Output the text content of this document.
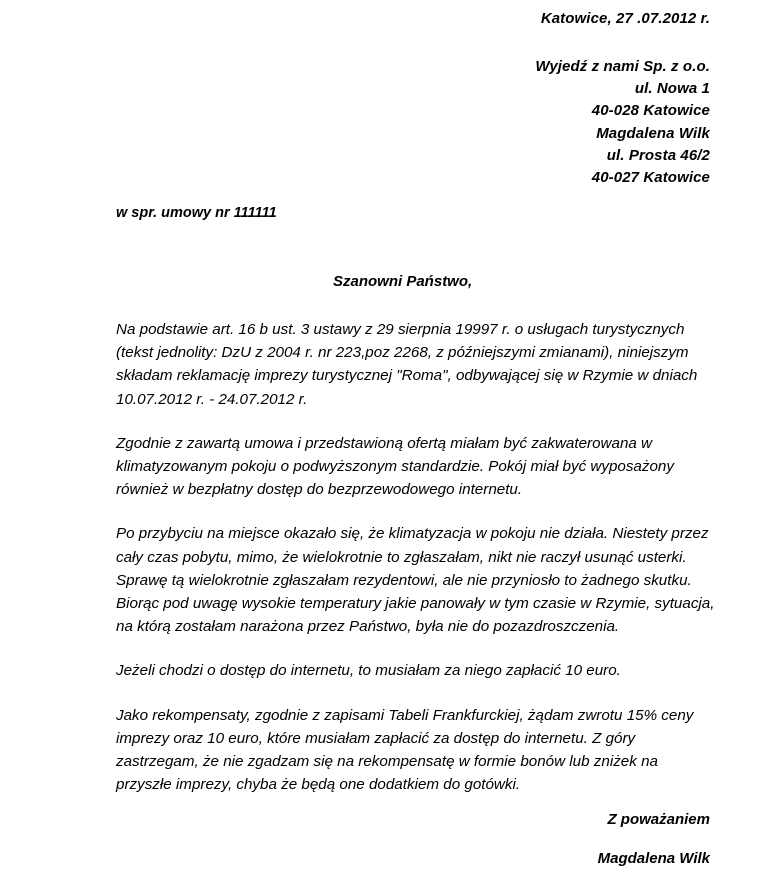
Katowice, 27 .07.2012 r.
Wyjedź z nami Sp. z o.o.
ul. Nowa 1
40-028 Katowice
Magdalena Wilk
ul. Prosta 46/2
40-027 Katowice
w spr. umowy nr 111111
Szanowni Państwo,

Na podstawie art. 16 b ust. 3 ustawy z 29 sierpnia 19997 r. o usługach turystycznych (tekst jednolity: DzU z 2004 r. nr 223,poz 2268, z późniejszymi zmianami), niniejszym składam reklamację imprezy turystycznej "Roma", odbywającej się w Rzymie w dniach 10.07.2012 r. - 24.07.2012 r.

Zgodnie z zawartą umowa i przedstawioną ofertą miałam być zakwaterowana w klimatyzowanym pokoju o podwyższonym standardzie. Pokój miał być wyposażony również w bezpłatny dostęp do bezprzewodowego internetu.

Po przybyciu na miejsce okazało się, że klimatyzacja w pokoju nie działa. Niestety przez cały czas pobytu, mimo, że wielokrotnie to zgłaszałam, nikt nie raczył usunąć usterki. Sprawę tą wielokrotnie zgłaszałam rezydentowi, ale nie przyniosło to żadnego skutku. Biorąc pod uwagę wysokie temperatury jakie panowały w tym czasie w Rzymie, sytuacja, na którą zostałam narażona przez Państwo, była nie do pozazdroszczenia.

Jeżeli chodzi o dostęp do internetu, to musiałam za niego zapłacić 10 euro.

Jako rekompensaty, zgodnie z zapisami Tabeli Frankfurckiej, żądam zwrotu 15% ceny imprezy oraz 10 euro, które musiałam zapłacić za dostęp do internetu. Z góry zastrzegam, że nie zgadzam się na rekompensatę w formie bonów lub zniżek na przyszłe imprezy, chyba że będą one dodatkiem do gotówki.

Z poważaniem
Magdalena Wilk
